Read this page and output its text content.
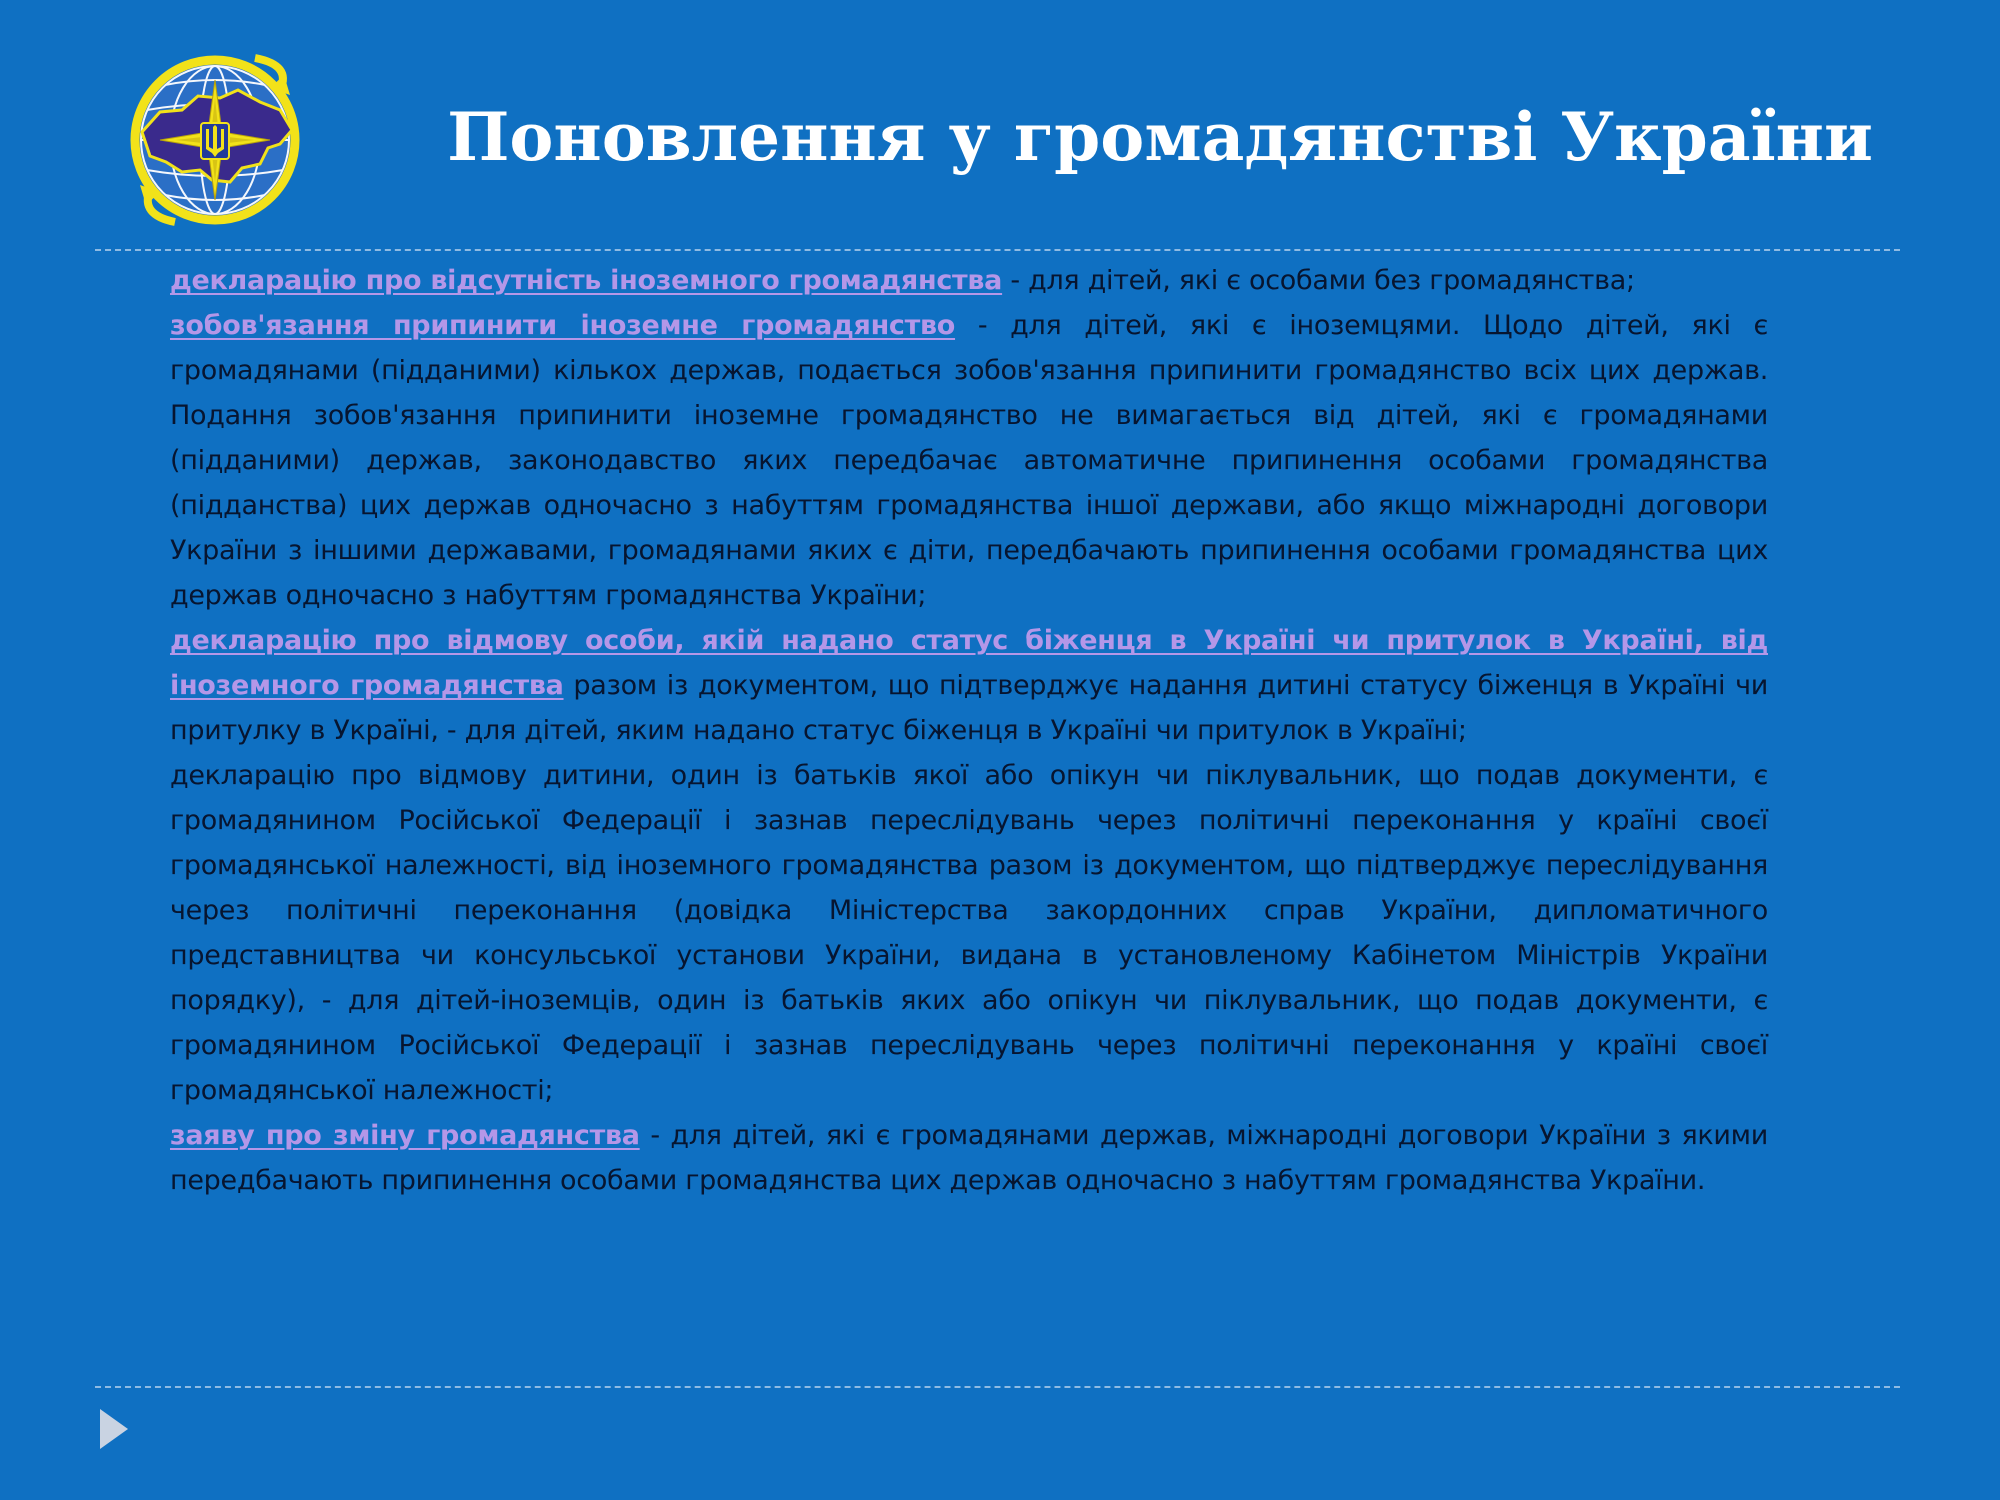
Поновлення у громадянстві України

декларацію про відсутність іноземного громадянства - для дітей, які є особами без громадянства;

зобов'язання припинити іноземне громадянство - для дітей, які є іноземцями. Щодо дітей, які є громадянами (підданими) кількох держав, подається зобов'язання припинити громадянство всіх цих держав. Подання зобов'язання припинити іноземне громадянство не вимагається від дітей, які є громадянами (підданими) держав, законодавство яких передбачає автоматичне припинення особами громадянства (підданства) цих держав одночасно з набуттям громадянства іншої держави, або якщо міжнародні договори України з іншими державами, громадянами яких є діти, передбачають припинення особами громадянства цих держав одночасно з набуттям громадянства України;

декларацію про відмову особи, якій надано статус біженця в Україні чи притулок в Україні, від іноземного громадянства разом із документом, що підтверджує надання дитині статусу біженця в Україні чи притулку в Україні, - для дітей, яким надано статус біженця в Україні чи притулок в Україні;

декларацію про відмову дитини, один із батьків якої або опікун чи піклувальник, що подав документи, є громадянином Російської Федерації і зазнав переслідувань через політичні переконання у країні своєї громадянської належності, від іноземного громадянства разом із документом, що підтверджує переслідування через політичні переконання (довідка Міністерства закордонних справ України, дипломатичного представництва чи консульської установи України, видана в установленому Кабінетом Міністрів України порядку), - для дітей-іноземців, один із батьків яких або опікун чи піклувальник, що подав документи, є громадянином Російської Федерації і зазнав переслідувань через політичні переконання у країні своєї громадянської належності;

заяву про зміну громадянства - для дітей, які є громадянами держав, міжнародні договори України з якими передбачають припинення особами громадянства цих держав одночасно з набуттям громадянства України.
